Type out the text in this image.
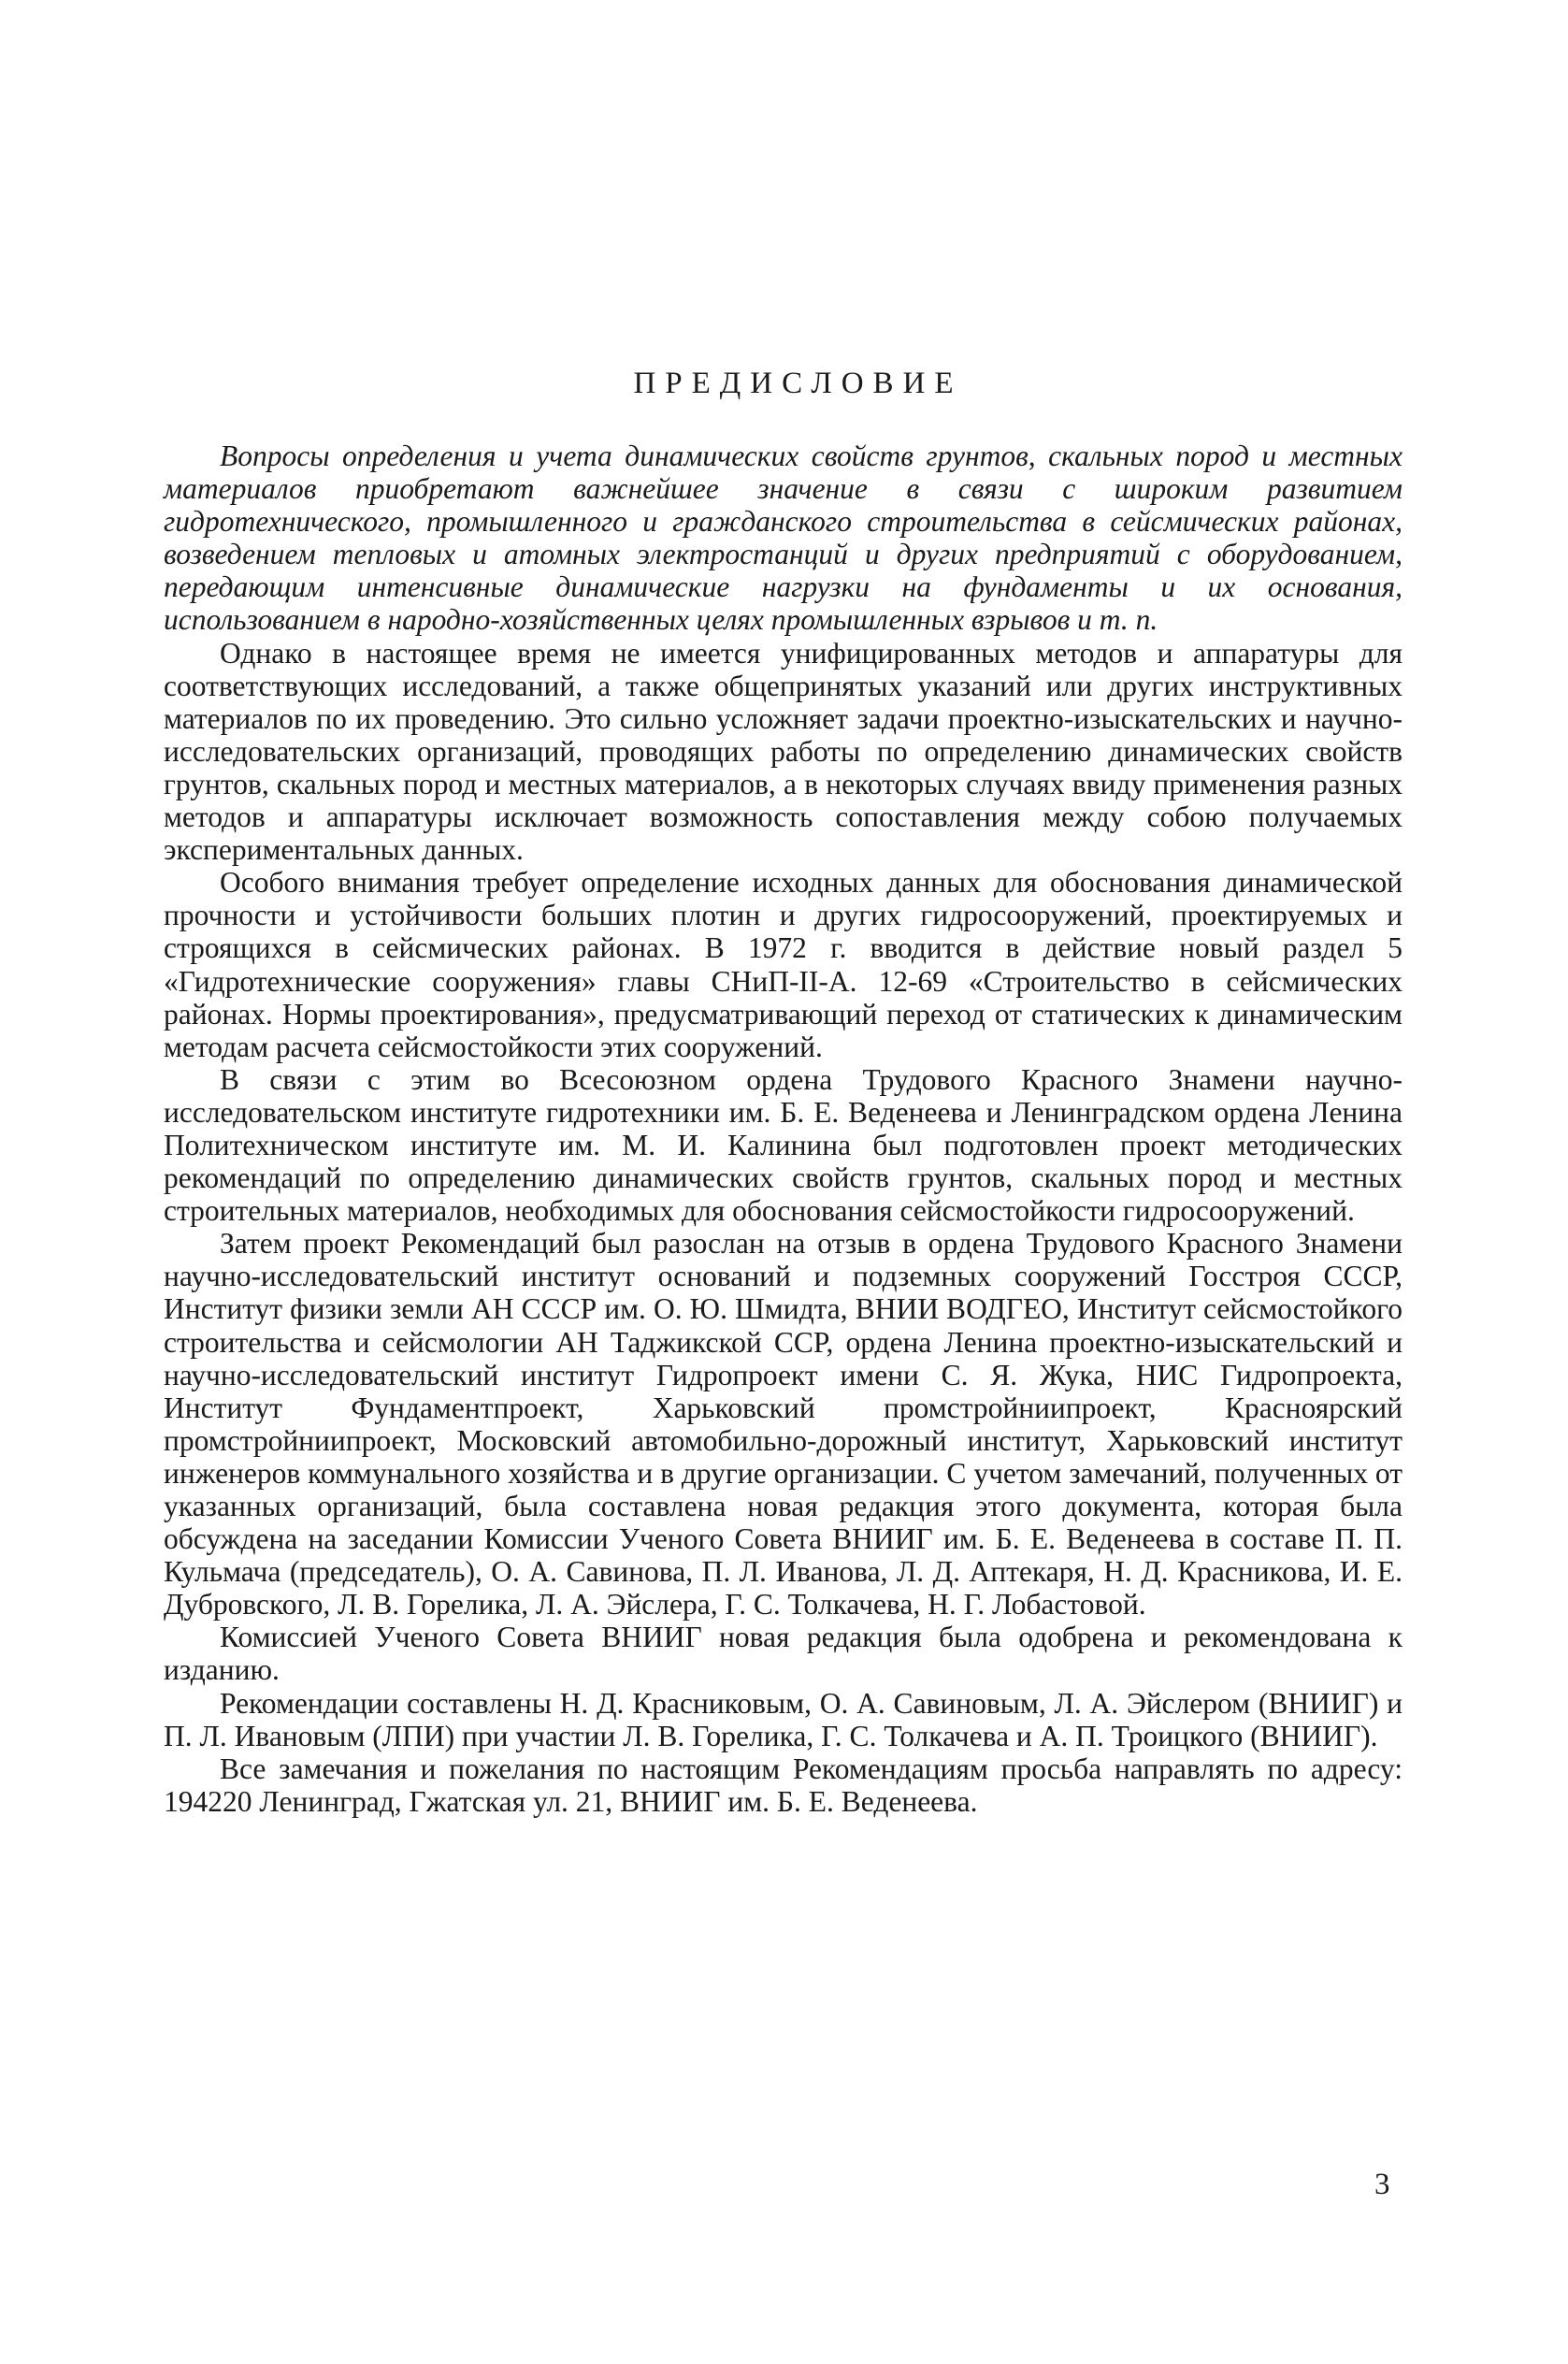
ПРЕДИСЛОВИЕ

Вопросы определения и учета динамических свойств грунтов, скальных пород и местных материалов приобретают важнейшее значение в связи с широким развитием гидротехнического, промышленного и гражданского строительства в сейсмических районах, возведением тепловых и атомных электростанций и других предприятий с оборудованием, передающим интенсивные динамические нагрузки на фундаменты и их основания, использованием в народно-хозяйственных целях промышленных взрывов и т. п.

Однако в настоящее время не имеется унифицированных методов и аппаратуры для соответствующих исследований, а также общепринятых указаний или других инструктивных материалов по их проведению. Это сильно усложняет задачи проектно-изыскательских и научно-исследовательских организаций, проводящих работы по определению динамических свойств грунтов, скальных пород и местных материалов, а в некоторых случаях ввиду применения разных методов и аппаратуры исключает возможность сопоставления между собою получаемых экспериментальных данных.

Особого внимания требует определение исходных данных для обоснования динамической прочности и устойчивости больших плотин и других гидросооружений, проектируемых и строящихся в сейсмических районах. В 1972 г. вводится в действие новый раздел 5 «Гидротехнические сооружения» главы СНиП-II-А. 12-69 «Строительство в сейсмических районах. Нормы проектирования», предусматривающий переход от статических к динамическим методам расчета сейсмостойкости этих сооружений.

В связи с этим во Всесоюзном ордена Трудового Красного Знамени научно-исследовательском институте гидротехники им. Б. Е. Веденеева и Ленинградском ордена Ленина Политехническом институте им. М. И. Калинина был подготовлен проект методических рекомендаций по определению динамических свойств грунтов, скальных пород и местных строительных материалов, необходимых для обоснования сейсмостойкости гидросооружений.

Затем проект Рекомендаций был разослан на отзыв в ордена Трудового Красного Знамени научно-исследовательский институт оснований и подземных сооружений Госстроя СССР, Институт физики земли АН СССР им. О. Ю. Шмидта, ВНИИ ВОДГЕО, Институт сейсмостойкого строительства и сейсмологии АН Таджикской ССР, ордена Ленина проектно-изыскательский и научно-исследовательский институт Гидропроект имени С. Я. Жука, НИС Гидропроекта, Институт Фундаментпроект, Харьковский промстройниипроект, Красноярский промстройниипроект, Московский автомобильно-дорожный институт, Харьковский институт инженеров коммунального хозяйства и в другие организации. С учетом замечаний, полученных от указанных организаций, была составлена новая редакция этого документа, которая была обсуждена на заседании Комиссии Ученого Совета ВНИИГ им. Б. Е. Веденеева в составе П. П. Кульмача (председатель), О. А. Савинова, П. Л. Иванова, Л. Д. Аптекаря, Н. Д. Красникова, И. Е. Дубровского, Л. В. Горелика, Л. А. Эйслера, Г. С. Толкачева, Н. Г. Лобастовой.

Комиссией Ученого Совета ВНИИГ новая редакция была одобрена и рекомендована к изданию.

Рекомендации составлены Н. Д. Красниковым, О. А. Савиновым, Л. А. Эйслером (ВНИИГ) и П. Л. Ивановым (ЛПИ) при участии Л. В. Горелика, Г. С. Толкачева и А. П. Троицкого (ВНИИГ).

Все замечания и пожелания по настоящим Рекомендациям просьба направлять по адресу: 194220 Ленинград, Гжатская ул. 21, ВНИИГ им. Б. Е. Веденеева.

3
